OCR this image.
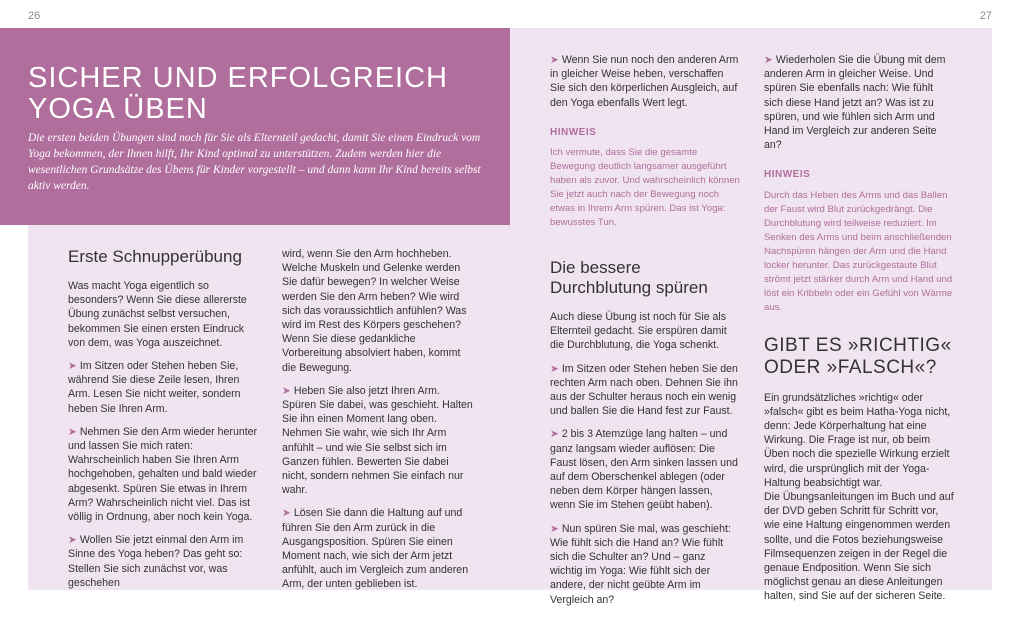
26	27
SICHER UND ERFOLGREICH
YOGA ÜBEN

Die ersten beiden Übungen sind noch für Sie als Elternteil gedacht, damit Sie einen Eindruck vom Yoga bekommen, der Ihnen hilft, Ihr Kind optimal zu unterstützen. Zudem werden hier die wesentlichen Grundsätze des Übens für Kinder vorgestellt – und dann kann Ihr Kind bereits selbst aktiv werden.

Erste Schnupperübung

Was macht Yoga eigentlich so besonders? Wenn Sie diese allererste Übung zunächst selbst versuchen, bekommen Sie einen ersten Eindruck von dem, was Yoga auszeichnet.

➤ Im Sitzen oder Stehen heben Sie, während Sie diese Zeile lesen, Ihren Arm. Lesen Sie nicht weiter, sondern heben Sie Ihren Arm.

➤ Nehmen Sie den Arm wieder herunter und lassen Sie mich raten: Wahrscheinlich haben Sie Ihren Arm hochgehoben, gehalten und bald wieder abgesenkt. Spüren Sie etwas in Ihrem Arm? Wahrscheinlich nicht viel. Das ist völlig in Ordnung, aber noch kein Yoga.

➤ Wollen Sie jetzt einmal den Arm im Sinne des Yoga heben? Das geht so: Stellen Sie sich zunächst vor, was geschehen

wird, wenn Sie den Arm hochheben. Welche Muskeln und Gelenke werden Sie dafür bewegen? In welcher Weise werden Sie den Arm heben? Wie wird sich das voraussichtlich anfühlen? Was wird im Rest des Körpers geschehen? Wenn Sie diese gedankliche Vorbereitung absolviert haben, kommt die Bewegung.

➤ Heben Sie also jetzt Ihren Arm. Spüren Sie dabei, was geschieht. Halten Sie ihn einen Moment lang oben. Nehmen Sie wahr, wie sich Ihr Arm anfühlt – und wie Sie selbst sich im Ganzen fühlen. Bewerten Sie dabei nicht, sondern nehmen Sie einfach nur wahr.

➤ Lösen Sie dann die Haltung auf und führen Sie den Arm zurück in die Ausgangsposition. Spüren Sie einen Moment nach, wie sich der Arm jetzt anfühlt, auch im Vergleich zum anderen Arm, der unten geblieben ist.

➤ Wenn Sie nun noch den anderen Arm in gleicher Weise heben, verschaffen Sie sich den körperlichen Ausgleich, auf den Yoga ebenfalls Wert legt.

HINWEIS

Ich vermute, dass Sie die gesamte Bewegung deutlich langsamer ausgeführt haben als zuvor. Und wahrscheinlich können Sie jetzt auch nach der Bewegung noch etwas in Ihrem Arm spüren. Das ist Yoga: bewusstes Tun.

Die bessere Durchblutung spüren

Auch diese Übung ist noch für Sie als Elternteil gedacht. Sie erspüren damit die Durchblutung, die Yoga schenkt.

➤ Im Sitzen oder Stehen heben Sie den rechten Arm nach oben. Dehnen Sie ihn aus der Schulter heraus noch ein wenig und ballen Sie die Hand fest zur Faust.

➤ 2 bis 3 Atemzüge lang halten – und ganz langsam wieder auflösen: Die Faust lösen, den Arm sinken lassen und auf dem Oberschenkel ablegen (oder neben dem Körper hängen lassen, wenn Sie im Stehen geübt haben).

➤ Nun spüren Sie mal, was geschieht: Wie fühlt sich die Hand an? Wie fühlt sich die Schulter an? Und – ganz wichtig im Yoga: Wie fühlt sich der andere, der nicht geübte Arm im Vergleich an?

➤ Wiederholen Sie die Übung mit dem anderen Arm in gleicher Weise. Und spüren Sie ebenfalls nach: Wie fühlt sich diese Hand jetzt an? Was ist zu spüren, und wie fühlen sich Arm und Hand im Vergleich zur anderen Seite an?

HINWEIS

Durch das Heben des Arms und das Ballen der Faust wird Blut zurückgedrängt. Die Durchblutung wird teilweise reduziert. Im Senken des Arms und beim anschließenden Nachspüren hängen der Arm und die Hand locker herunter. Das zurückgestaute Blut strömt jetzt stärker durch Arm und Hand und löst ein Kribbeln oder ein Gefühl von Wärme aus.

GIBT ES »RICHTIG« ODER »FALSCH«?

Ein grundsätzliches »richtig« oder »falsch« gibt es beim Hatha-Yoga nicht, denn: Jede Körperhaltung hat eine Wirkung. Die Frage ist nur, ob beim Üben noch die spezielle Wirkung erzielt wird, die ursprünglich mit der Yoga-Haltung beabsichtigt war.

Die Übungsanleitungen im Buch und auf der DVD geben Schritt für Schritt vor, wie eine Haltung eingenommen werden sollte, und die Fotos beziehungsweise Filmsequenzen zeigen in der Regel die genaue Endposition. Wenn Sie sich möglichst genau an diese Anleitungen halten, sind Sie auf der sicheren Seite.
